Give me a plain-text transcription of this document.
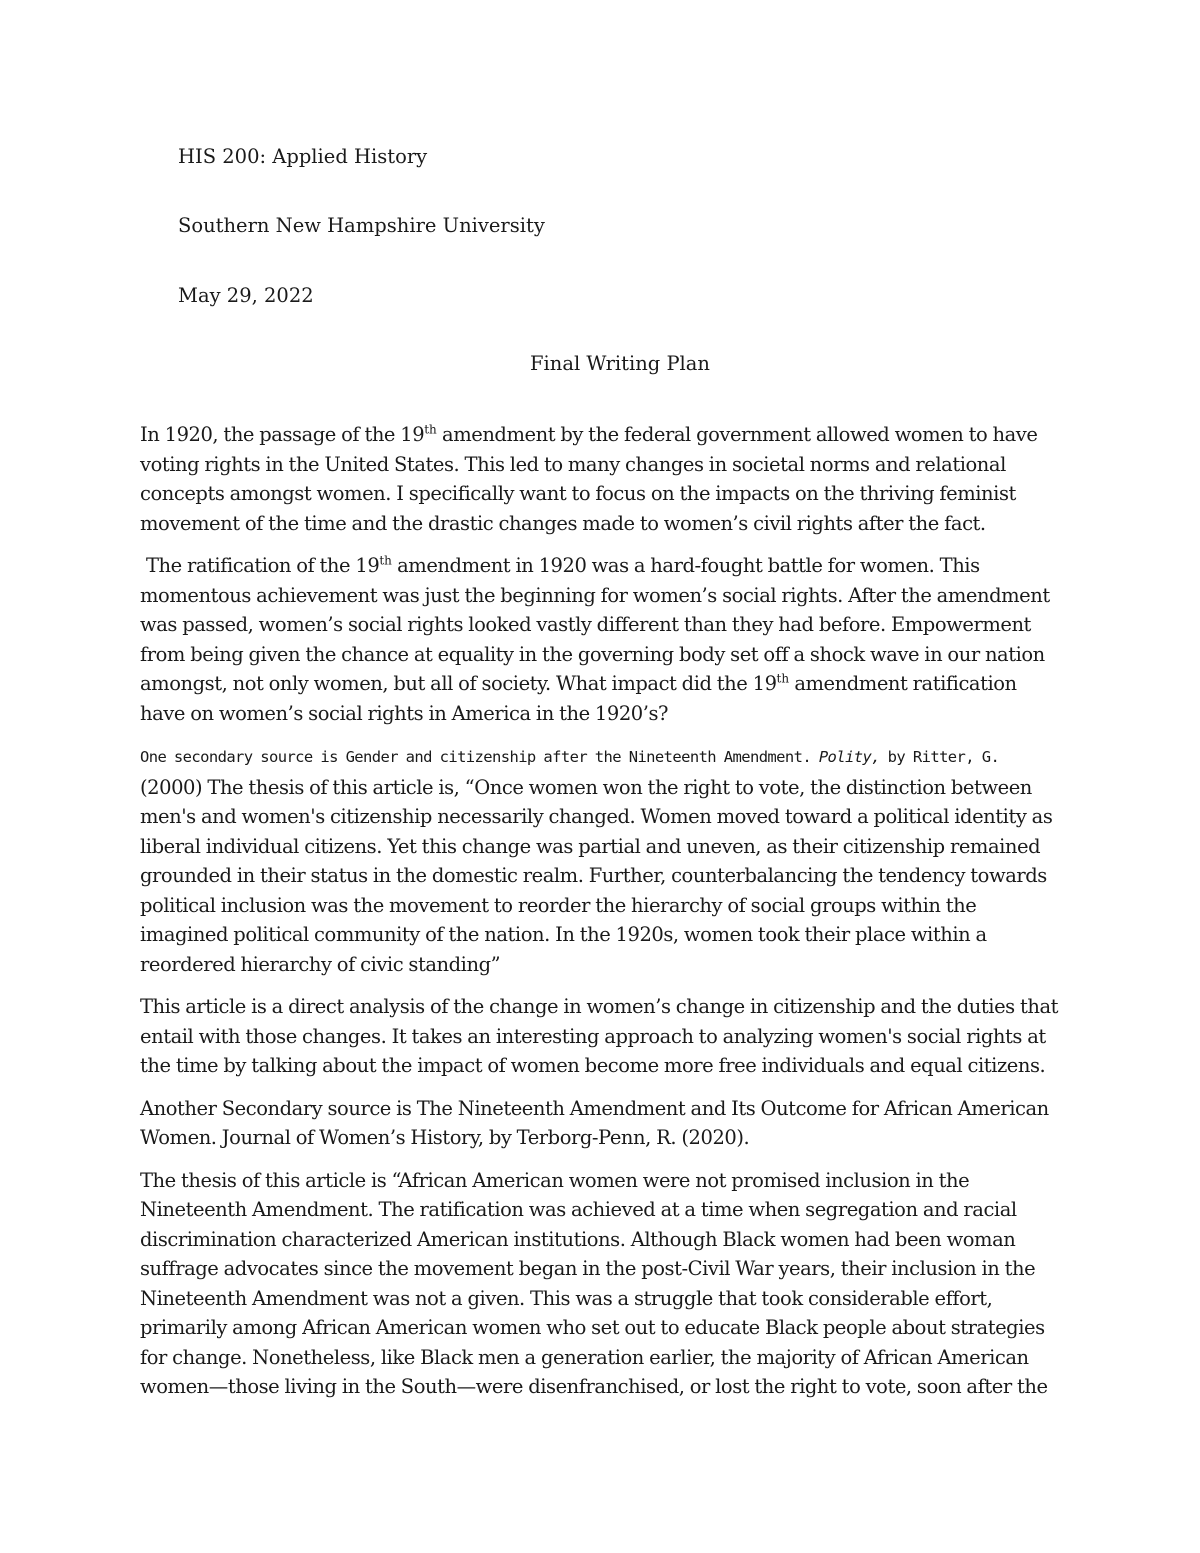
HIS 200: Applied History
Southern New Hampshire University
May 29, 2022
Final Writing Plan

In 1920, the passage of the 19th amendment by the federal government allowed women to have voting rights in the United States. This led to many changes in societal norms and relational concepts amongst women. I specifically want to focus on the impacts on the thriving feminist movement of the time and the drastic changes made to women’s civil rights after the fact.

The ratification of the 19th amendment in 1920 was a hard-fought battle for women. This momentous achievement was just the beginning for women’s social rights. After the amendment was passed, women’s social rights looked vastly different than they had before. Empowerment from being given the chance at equality in the governing body set off a shock wave in our nation amongst, not only women, but all of society. What impact did the 19th amendment ratification have on women’s social rights in America in the 1920’s?

One secondary source is Gender and citizenship after the Nineteenth Amendment. Polity, by Ritter, G.
(2000) The thesis of this article is, “Once women won the right to vote, the distinction between men's and women's citizenship necessarily changed. Women moved toward a political identity as liberal individual citizens. Yet this change was partial and uneven, as their citizenship remained grounded in their status in the domestic realm. Further, counterbalancing the tendency towards political inclusion was the movement to reorder the hierarchy of social groups within the imagined political community of the nation. In the 1920s, women took their place within a reordered hierarchy of civic standing”

This article is a direct analysis of the change in women’s change in citizenship and the duties that entail with those changes. It takes an interesting approach to analyzing women's social rights at the time by talking about the impact of women become more free individuals and equal citizens.

Another Secondary source is The Nineteenth Amendment and Its Outcome for African American Women. Journal of Women’s History, by Terborg-Penn, R. (2020).

The thesis of this article is “African American women were not promised inclusion in the Nineteenth Amendment. The ratification was achieved at a time when segregation and racial discrimination characterized American institutions. Although Black women had been woman suffrage advocates since the movement began in the post-Civil War years, their inclusion in the Nineteenth Amendment was not a given. This was a struggle that took considerable effort, primarily among African American women who set out to educate Black people about strategies for change. Nonetheless, like Black men a generation earlier, the majority of African American women—those living in the South—were disenfranchised, or lost the right to vote, soon after the
